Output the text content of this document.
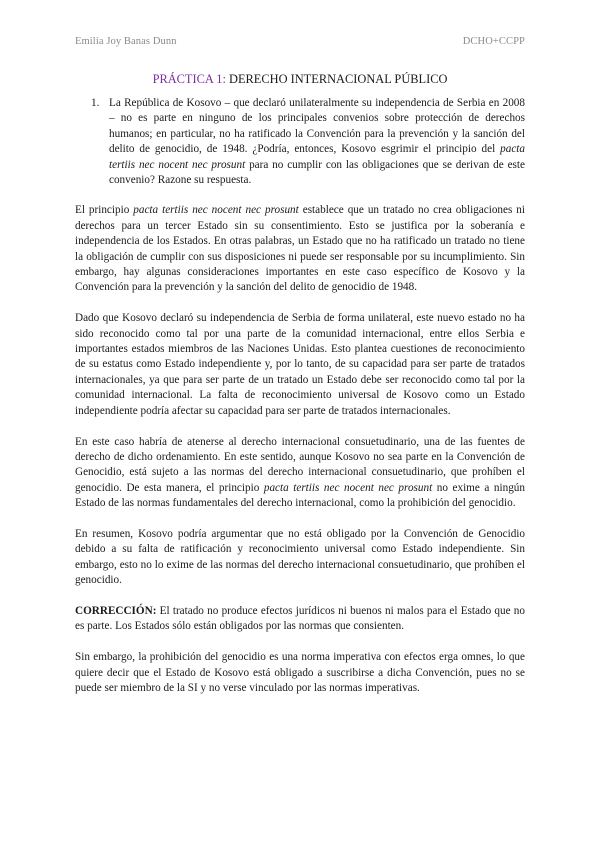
Emilia Joy Banas Dunn	DCHO+CCPP
PRÁCTICA 1: DERECHO INTERNACIONAL PÚBLICO
1. La República de Kosovo – que declaró unilateralmente su independencia de Serbia en 2008 – no es parte en ninguno de los principales convenios sobre protección de derechos humanos; en particular, no ha ratificado la Convención para la prevención y la sanción del delito de genocidio, de 1948. ¿Podría, entonces, Kosovo esgrimir el principio del pacta tertiis nec nocent nec prosunt para no cumplir con las obligaciones que se derivan de este convenio? Razone su respuesta.

El principio pacta tertiis nec nocent nec prosunt establece que un tratado no crea obligaciones ni derechos para un tercer Estado sin su consentimiento. Esto se justifica por la soberanía e independencia de los Estados. En otras palabras, un Estado que no ha ratificado un tratado no tiene la obligación de cumplir con sus disposiciones ni puede ser responsable por su incumplimiento. Sin embargo, hay algunas consideraciones importantes en este caso específico de Kosovo y la Convención para la prevención y la sanción del delito de genocidio de 1948.

Dado que Kosovo declaró su independencia de Serbia de forma unilateral, este nuevo estado no ha sido reconocido como tal por una parte de la comunidad internacional, entre ellos Serbia e importantes estados miembros de las Naciones Unidas. Esto plantea cuestiones de reconocimiento de su estatus como Estado independiente y, por lo tanto, de su capacidad para ser parte de tratados internacionales, ya que para ser parte de un tratado un Estado debe ser reconocido como tal por la comunidad internacional. La falta de reconocimiento universal de Kosovo como un Estado independiente podría afectar su capacidad para ser parte de tratados internacionales.

En este caso habría de atenerse al derecho internacional consuetudinario, una de las fuentes de derecho de dicho ordenamiento. En este sentido, aunque Kosovo no sea parte en la Convención de Genocidio, está sujeto a las normas del derecho internacional consuetudinario, que prohíben el genocidio. De esta manera, el principio pacta tertiis nec nocent nec prosunt no exime a ningún Estado de las normas fundamentales del derecho internacional, como la prohibición del genocidio.

En resumen, Kosovo podría argumentar que no está obligado por la Convención de Genocidio debido a su falta de ratificación y reconocimiento universal como Estado independiente. Sin embargo, esto no lo exime de las normas del derecho internacional consuetudinario, que prohíben el genocidio.

CORRECCIÓN: El tratado no produce efectos jurídicos ni buenos ni malos para el Estado que no es parte. Los Estados sólo están obligados por las normas que consienten.

Sin embargo, la prohibición del genocidio es una norma imperativa con efectos erga omnes, lo que quiere decir que el Estado de Kosovo está obligado a suscribirse a dicha Convención, pues no se puede ser miembro de la SI y no verse vinculado por las normas imperativas.
